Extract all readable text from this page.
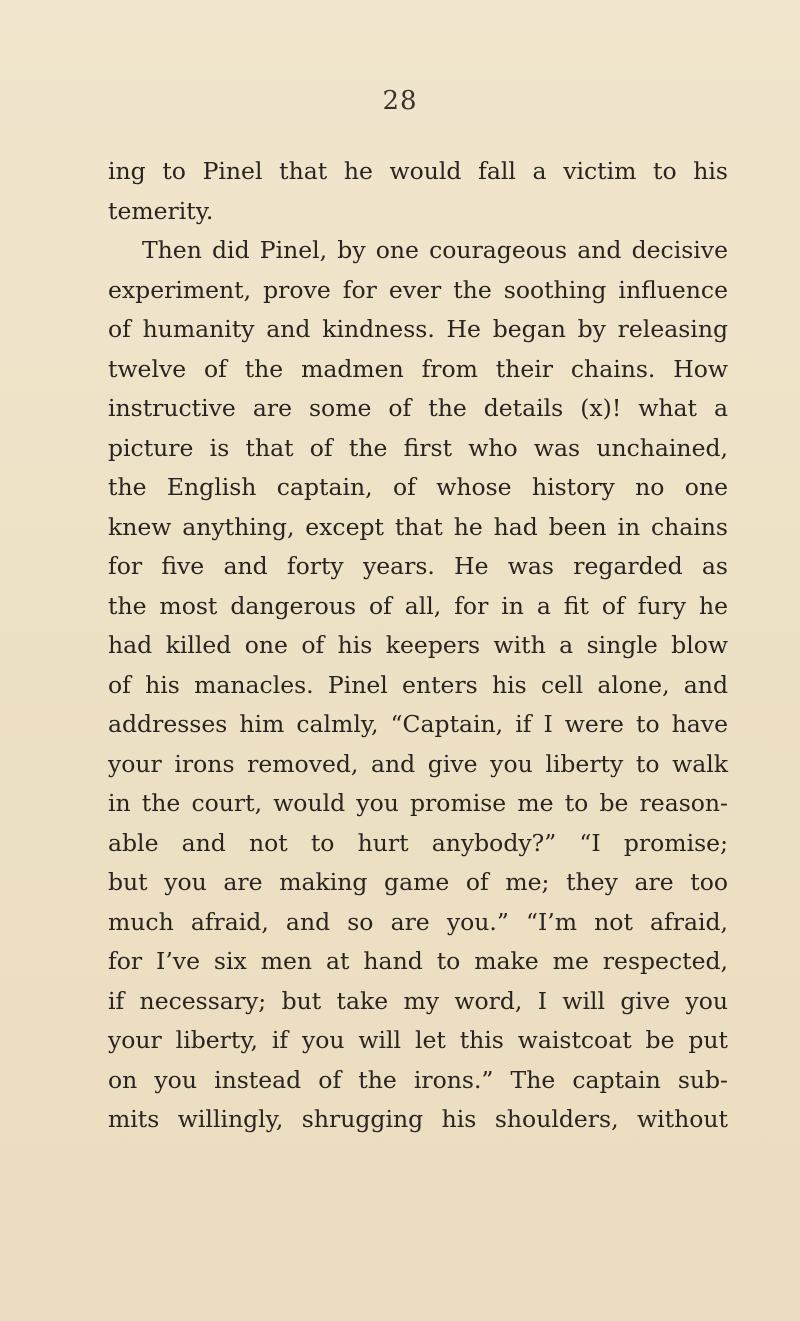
28
ing to Pinel that he would fall a victim to his
temerity.
Then did Pinel, by one courageous and decisive
experiment, prove for ever the soothing influence
of humanity and kindness. He began by releasing
twelve of the madmen from their chains. How
instructive are some of the details (x)! what a
picture is that of the first who was unchained,
the English captain, of whose history no one
knew anything, except that he had been in chains
for five and forty years. He was regarded as
the most dangerous of all, for in a fit of fury he
had killed one of his keepers with a single blow
of his manacles. Pinel enters his cell alone, and
addresses him calmly, “Captain, if I were to have
your irons removed, and give you liberty to walk
in the court, would you promise me to be reason-
able and not to hurt anybody?” “I promise;
but you are making game of me; they are too
much afraid, and so are you.” “I’m not afraid,
for I’ve six men at hand to make me respected,
if necessary; but take my word, I will give you
your liberty, if you will let this waistcoat be put
on you instead of the irons.” The captain sub-
mits willingly, shrugging his shoulders, without
